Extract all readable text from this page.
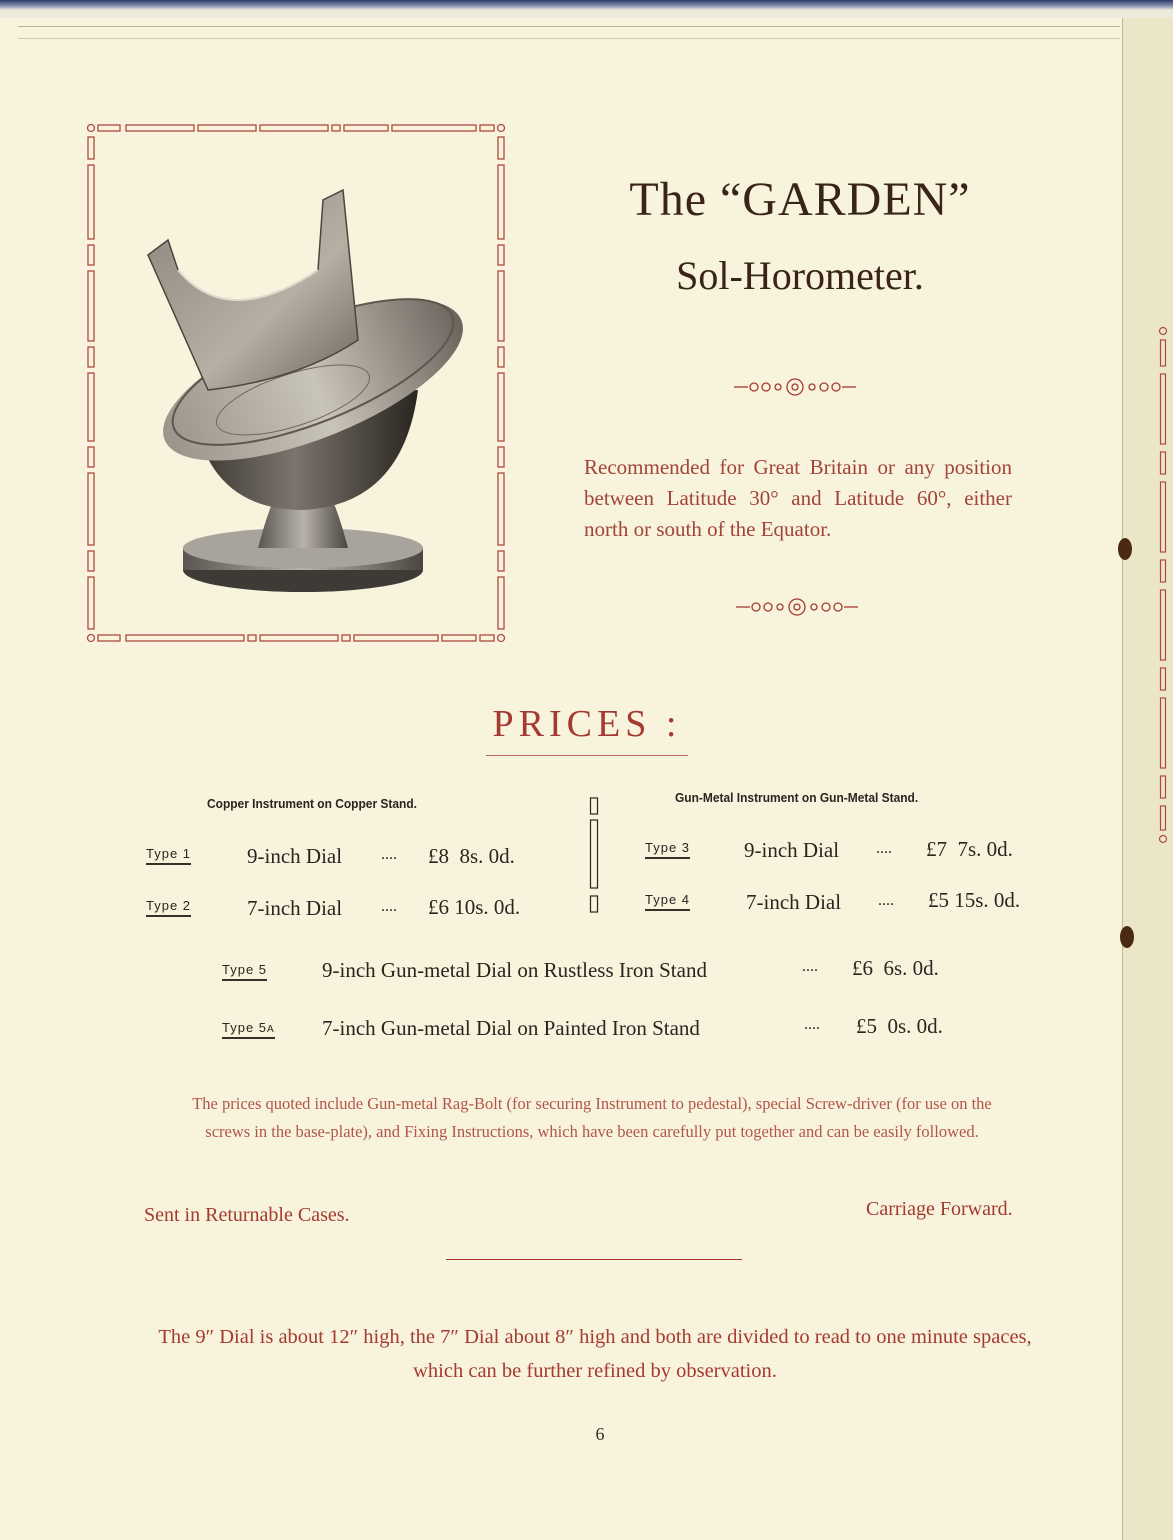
The “GARDEN”
Sol-Horometer.
Recommended for Great Britain or any position between Latitude 30° and Latitude 60°, either north or south of the Equator.
PRICES :
Copper Instrument on Copper Stand.	Gun-Metal Instrument on Gun-Metal Stand.
Type 1	9-inch Dial .... £8  8s. 0d.
Type 2	7-inch Dial .... £6 10s. 0d.
Type 3	9-inch Dial .... £7  7s. 0d.
Type 4	7-inch Dial .... £5 15s. 0d.
Type 5	9-inch Gun-metal Dial on Rustless Iron Stand	.... £6  6s. 0d.
Type 5A 7-inch Gun-metal Dial on Painted Iron Stand	.... £5  0s. 0d.
The prices quoted include Gun-metal Rag-Bolt (for securing Instrument to pedestal), special Screw-driver (for use on the screws in the base-plate), and Fixing Instructions, which have been carefully put together and can be easily followed.
Sent in Returnable Cases.	Carriage Forward.
The 9″ Dial is about 12″ high, the 7″ Dial about 8″ high and both are divided to read to one minute spaces, which can be further refined by observation.
6
